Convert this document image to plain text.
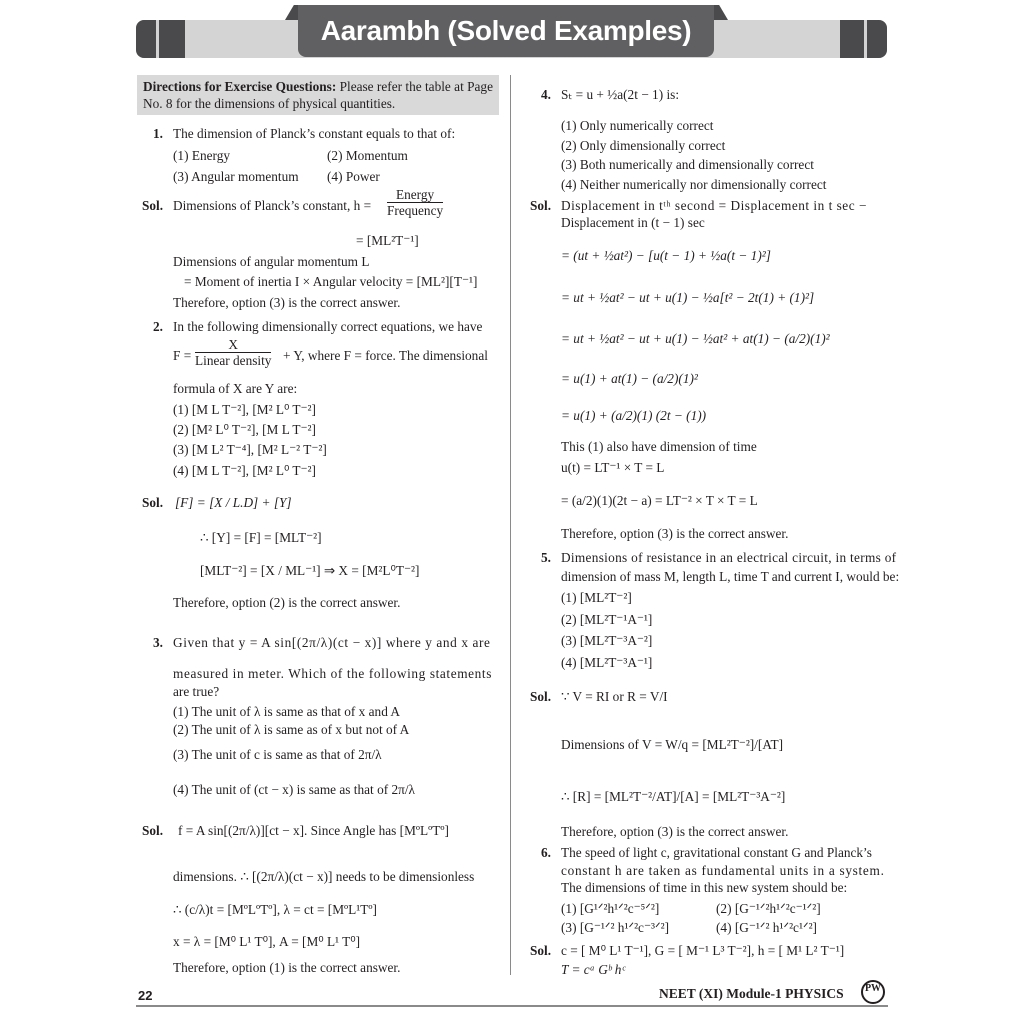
Aarambh (Solved Examples)
Directions for Exercise Questions: Please refer the table at Page No. 8 for the dimensions of physical quantities.
1. The dimension of Planck’s constant equals to that of:
(1) Energy	(2) Momentum
(3) Angular momentum (4) Power
Sol. Dimensions of Planck’s constant, $h = \frac{\text{Energy}}{\text{Frequency}}$
= [ML²T⁻¹]
Dimensions of angular momentum L
= Moment of inertia I × Angular velocity = [ML²][T⁻¹]
Therefore, option (3) is the correct answer.
2. In the following dimensionally correct equations, we have
$F = \frac{X}{\text{Linear density}} + Y$, where F = force. The dimensional
formula of X are Y are:
(1) [M L T⁻²], [M² L⁰ T⁻²]
(2) [M² L⁰ T⁻²], [M L T⁻²]
(3) [M L² T⁻⁴], [M² L⁻² T⁻²]
(4) [M L T⁻²], [M² L⁰ T⁻²]
Sol. [F] = [X / L.D] + [Y]
∴ [Y] = [F] = [MLT⁻²]
[MLT⁻²] = [X / ML⁻¹] ⇒ X = [M²L⁰T⁻²]
Therefore, option (2) is the correct answer.
3. Given that y = A sin[(2π/λ)(ct − x)] where y and x are
measured in meter. Which of the following statements
are true?
(1) The unit of λ is same as that of x and A
(2) The unit of λ is same as of x but not of A
(3) The unit of c is same as that of 2π/λ
(4) The unit of (ct − x) is same as that of 2π/λ
Sol. f = A sin[(2π/λ)][ct − x]. Since Angle has [MºLºTº]
dimensions. ∴ [(2π/λ)(ct − x)] needs to be dimensionless
∴ (c/λ)t = [MºLºTº], λ = ct = [MºL¹Tº]
x = λ = [M⁰ L¹ T⁰], A = [M⁰ L¹ T⁰]
Therefore, option (1) is the correct answer.
4. Sₜ = u + ½a(2t − 1) is:
(1) Only numerically correct
(2) Only dimensionally correct
(3) Both numerically and dimensionally correct
(4) Neither numerically nor dimensionally correct
Sol. Displacement in tᵗʰ second = Displacement in t sec −
Displacement in (t − 1) sec
= (ut + ½at²) − [u(t − 1) + ½a(t − 1)²]
= ut + ½at² − ut + u(1) − ½a[t² − 2t(1) + (1)²]
= ut + ½at² − ut + u(1) − ½at² + at(1) − (a/2)(1)²
= u(1) + at(1) − (a/2)(1)²
= u(1) + (a/2)(1) (2t − (1))
This (1) also have dimension of time
u(t) = LT⁻¹ × T = L
= (a/2)(1)(2t − a) = LT⁻² × T × T = L
Therefore, option (3) is the correct answer.
5. Dimensions of resistance in an electrical circuit, in terms of
dimension of mass M, length L, time T and current I, would be:
(1) [ML²T⁻²]
(2) [ML²T⁻¹A⁻¹]
(3) [ML²T⁻³A⁻²]
(4) [ML²T⁻³A⁻¹]
Sol. ∵ V = RI or R = V/I
Dimensions of V = W/q = [ML²T⁻²]/[AT]
∴ [R] = [ML²T⁻²/AT]/[A] = [ML²T⁻³A⁻²]
Therefore, option (3) is the correct answer.
6. The speed of light c, gravitational constant G and Planck’s
constant h are taken as fundamental units in a system.
The dimensions of time in this new system should be:
(1) [G¹ᐟ²h¹ᐟ²c⁻⁵ᐟ²]	(2) [G⁻¹ᐟ²h¹ᐟ²c⁻¹ᐟ²]
(3) [G⁻¹ᐟ² h¹ᐟ²c⁻³ᐟ²]	(4) [G⁻¹ᐟ² h¹ᐟ²c¹ᐟ²]
Sol. c = [ M⁰ L¹ T⁻¹], G = [ M⁻¹ L³ T⁻²], h = [ M¹ L² T⁻¹]
T = cᵃ Gᵇ hᶜ
22	NEET (XI) Module-1 PHYSICS	PW
